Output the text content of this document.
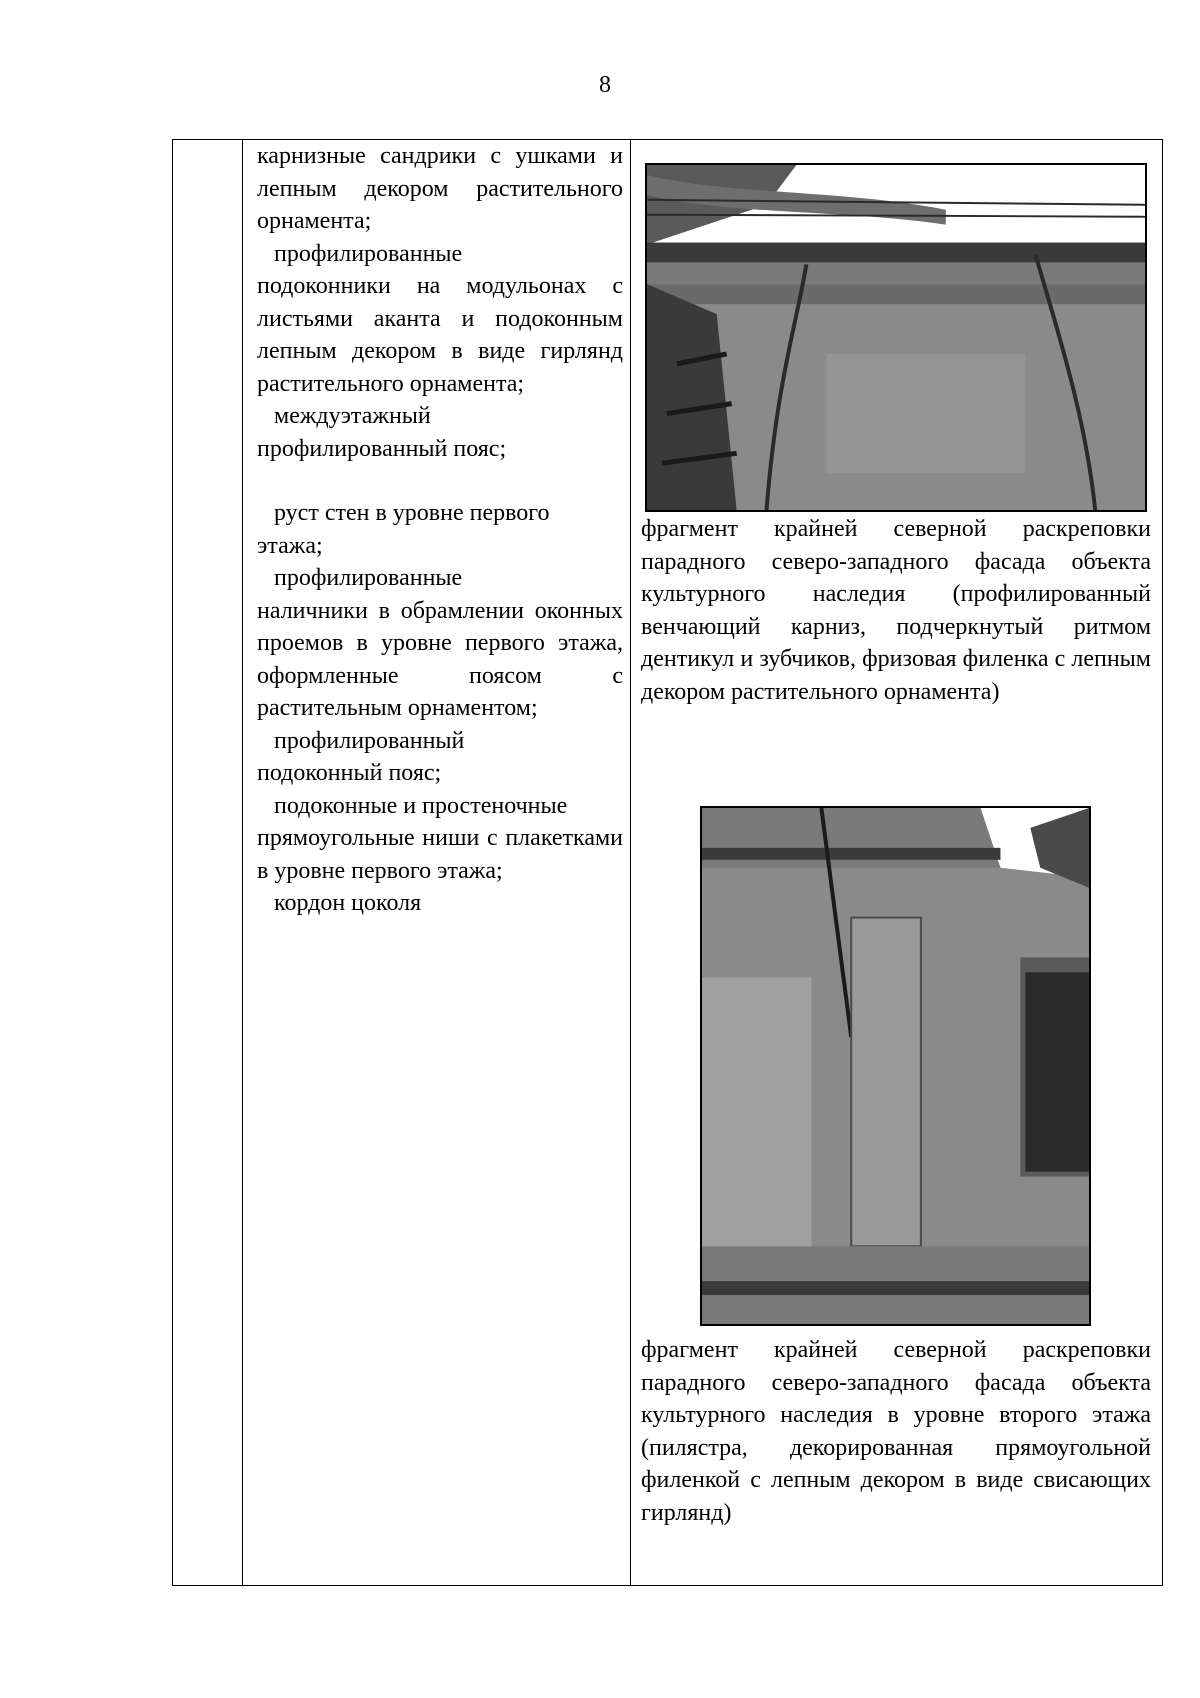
8

карнизные сандрики с ушками и лепным декором растительного орнамента;

профилированные
подоконники на модульонах с листьями аканта и подоконным лепным декором в виде гирлянд растительного орнамента;

междуэтажный
профилированный пояс;

руст стен в уровне первого
этажа;

профилированные
наличники в обрамлении оконных проемов в уровне первого этажа, оформленные поясом с растительным орнаментом;

профилированный
подоконный пояс;

подоконные и простеночные
прямоугольные ниши с плакетками в уровне первого этажа;

кордон цоколя

фрагмент крайней северной раскреповки парадного северо-западного фасада объекта культурного наследия (профилированный венчающий карниз, подчеркнутый ритмом дентикул и зубчиков, фризовая филенка с лепным декором растительного орнамента)

фрагмент крайней северной раскреповки парадного северо-западного фасада объекта культурного наследия в уровне второго этажа (пилястра, декорированная прямоугольной филенкой с лепным декором в виде свисающих гирлянд)
